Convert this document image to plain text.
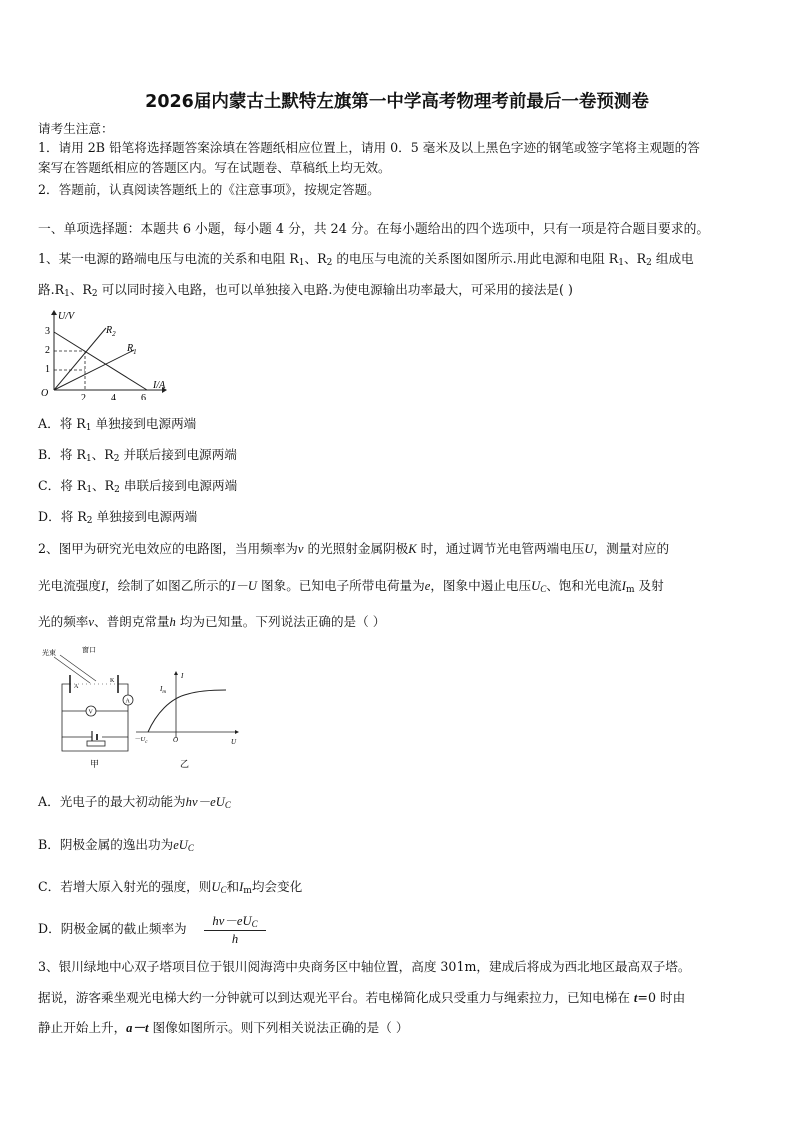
2026届内蒙古土默特左旗第一中学高考物理考前最后一卷预测卷
请考生注意：
1．请用 2B 铅笔将选择题答案涂填在答题纸相应位置上，请用 0．5 毫米及以上黑色字迹的钢笔或签字笔将主观题的答
案写在答题纸相应的答题区内。写在试题卷、草稿纸上均无效。
2．答题前，认真阅读答题纸上的《注意事项》，按规定答题。
一、单项选择题：本题共 6 小题，每小题 4 分，共 24 分。在每小题给出的四个选项中，只有一项是符合题目要求的。
1、某一电源的路端电压与电流的关系和电阻 $R_1$、$R_2$ 的电压与电流的关系图如图所示.用此电源和电阻 $R_1$、$R_2$ 组成电
路$.R_1$、$R_2$ 可以同时接入电路，也可以单独接入电路.为使电源输出功率最大，可采用的接法是( )
U/V
I/A
O
1
2
3
2	4	6
$R_2$
$R_1$
A．将 $R_1$ 单独接到电源两端
B．将 $R_1$、$R_2$ 并联后接到电源两端
C．将 $R_1$、$R_2$ 串联后接到电源两端
D．将 $R_2$ 单独接到电源两端
2、图甲为研究光电效应的电路图，当用频率为ν 的光照射金属阴极K 时，通过调节光电管两端电压U，测量对应的
光电流强度I，绘制了如图乙所示的I－U 图象。已知电子所带电荷量为e，图象中遏止电压$U_C$、饱和光电流$I_m$ 及射
光的频率ν、普朗克常量h 均为已知量。下列说法正确的是（ ）
光束	窗口
A
K
V
A
甲
I
U
O
$I_m$
$-U_c$
乙
A．光电子的最大初动能为$h\nu-eU_C$
B．阴极金属的逸出功为$eU_C$
C．若增大原入射光的强度，则$U_C$和$I_m$均会变化
D．阴极金属的截止频率为	$h\nu-eU_C$
h
3、银川绿地中心双子塔项目位于银川阅海湾中央商务区中轴位置，高度 301m，建成后将成为西北地区最高双子塔。
据说，游客乘坐观光电梯大约一分钟就可以到达观光平台。若电梯简化成只受重力与绳索拉力，已知电梯在 t=0 时由
静止开始上升，a－t 图像如图所示。则下列相关说法正确的是（ ）
